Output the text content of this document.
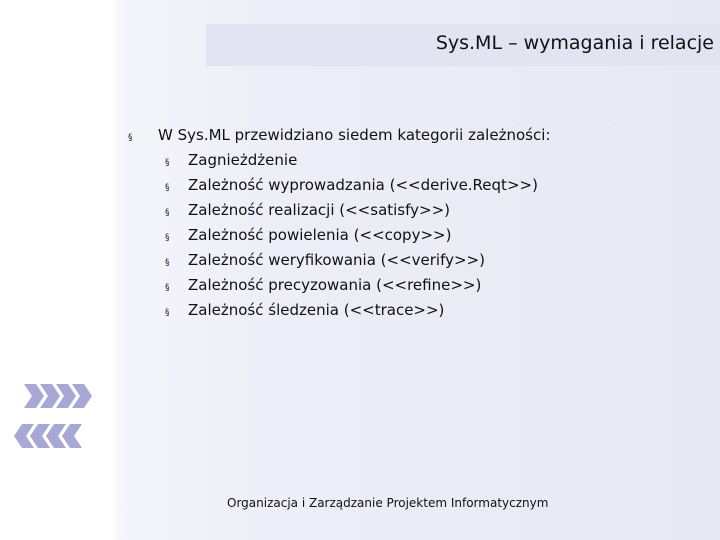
Sys.ML – wymagania i relacje
§	W Sys.ML przewidziano siedem kategorii zależności:
§	Zagnieżdżenie
§	Zależność wyprowadzania (<<derive.Reqt>>)
§	Zależność realizacji (<<satisfy>>)
§	Zależność powielenia (<<copy>>)
§	Zależność weryfikowania (<<verify>>)
§	Zależność precyzowania (<<refine>>)
§	Zależność śledzenia (<<trace>>)
Organizacja i Zarządzanie Projektem Informatycznym
